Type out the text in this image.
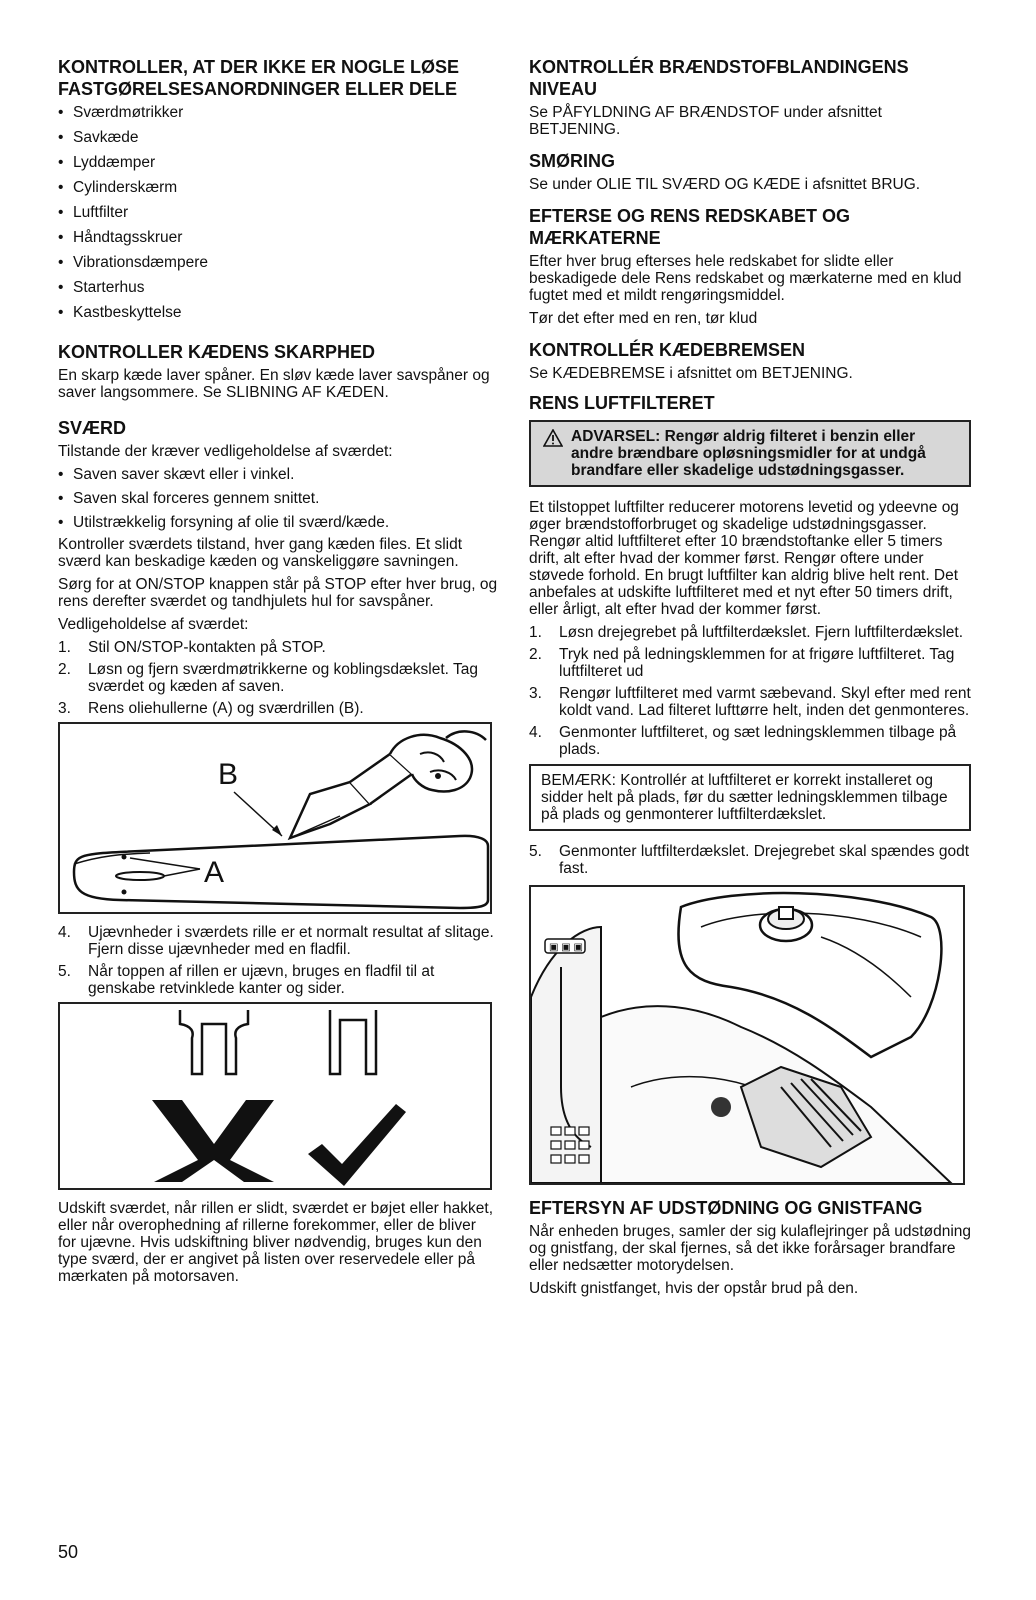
KONTROLLER, AT DER IKKE ER NOGLE LØSE FASTGØRELSESANORDNINGER ELLER DELE
• Sværdmøtrikker
• Savkæde
• Lyddæmper
• Cylinderskærm
• Luftfilter
• Håndtagsskruer
• Vibrationsdæmpere
• Starterhus
• Kastbeskyttelse
KONTROLLER KÆDENS SKARPHED

En skarp kæde laver spåner. En sløv kæde laver savspåner og saver langsommere. Se SLIBNING AF KÆDEN.

SVÆRD

Tilstande der kræver vedligeholdelse af sværdet:

• Saven saver skævt eller i vinkel.
• Saven skal forceres gennem snittet.
• Utilstrækkelig forsyning af olie til sværd/kæde.

Kontroller sværdets tilstand, hver gang kæden files. Et slidt sværd kan beskadige kæden og vanskeliggøre savningen.

Sørg for at ON/STOP knappen står på STOP efter hver brug, og rens derefter sværdet og tandhjulets hul for savspåner.

Vedligeholdelse af sværdet:

1. Stil ON/STOP-kontakten på STOP.
2. Løsn og fjern sværdmøtrikkerne og koblingsdækslet. Tag sværdet og kæden af saven.
3. Rens oliehullerne (A) og sværdrillen (B).
A
B
4. Ujævnheder i sværdets rille er et normalt resultat af slitage. Fjern disse ujævnheder med en fladfil.
5. Når toppen af rillen er ujævn, bruges en fladfil til at genskabe retvinklede kanter og sider.

Udskift sværdet, når rillen er slidt, sværdet er bøjet eller hakket, eller når overophedning af rillerne forekommer, eller de bliver for ujævne. Hvis udskiftning bliver nødvendig, bruges kun den type sværd, der er angivet på listen over reservedele eller på mærkaten på motorsaven.

KONTROLLÉR BRÆNDSTOFBLANDINGENS NIVEAU

Se PÅFYLDNING AF BRÆNDSTOF under afsnittet BETJENING.

SMØRING

Se under OLIE TIL SVÆRD OG KÆDE i afsnittet BRUG.

EFTERSE OG RENS REDSKABET OG MÆRKATERNE

Efter hver brug efterses hele redskabet for slidte eller beskadigede dele Rens redskabet og mærkaterne med en klud fugtet med et mildt rengøringsmiddel.

Tør det efter med en ren, tør klud

KONTROLLÉR KÆDEBREMSEN

Se KÆDEBREMSE i afsnittet om BETJENING.

RENS LUFTFILTERET

ADVARSEL: Rengør aldrig filteret i benzin eller andre brændbare opløsningsmidler for at undgå brandfare eller skadelige udstødningsgasser.

Et tilstoppet luftfilter reducerer motorens levetid og ydeevne og øger brændstofforbruget og skadelige udstødningsgasser. Rengør altid luftfilteret efter 10 brændstoftanke eller 5 timers drift, alt efter hvad der kommer først. Rengør oftere under støvede forhold. En brugt luftfilter kan aldrig blive helt rent. Det anbefales at udskifte luftfilteret med et nyt efter 50 timers drift, eller årligt, alt efter hvad der kommer først.

1. Løsn drejegrebet på luftfilterdækslet. Fjern luftfilterdækslet.
2. Tryk ned på ledningsklemmen for at frigøre luftfilteret. Tag luftfilteret ud
3. Rengør luftfilteret med varmt sæbevand. Skyl efter med rent koldt vand. Lad filteret lufttørre helt, inden det genmonteres.
4. Genmonter luftfilteret, og sæt ledningsklemmen tilbage på plads.

BEMÆRK: Kontrollér at luftfilteret er korrekt installeret og sidder helt på plads, før du sætter ledningsklemmen tilbage på plads og genmonterer luftfilterdækslet.

5. Genmonter luftfilterdækslet. Drejegrebet skal spændes godt fast.
▣ ▣ ▣
EFTERSYN AF UDSTØDNING OG GNISTFANG

Når enheden bruges, samler der sig kulaflejringer på udstødning og gnistfang, der skal fjernes, så det ikke forårsager brandfare eller nedsætter motorydelsen.

Udskift gnistfanget, hvis der opstår brud på den.

50
